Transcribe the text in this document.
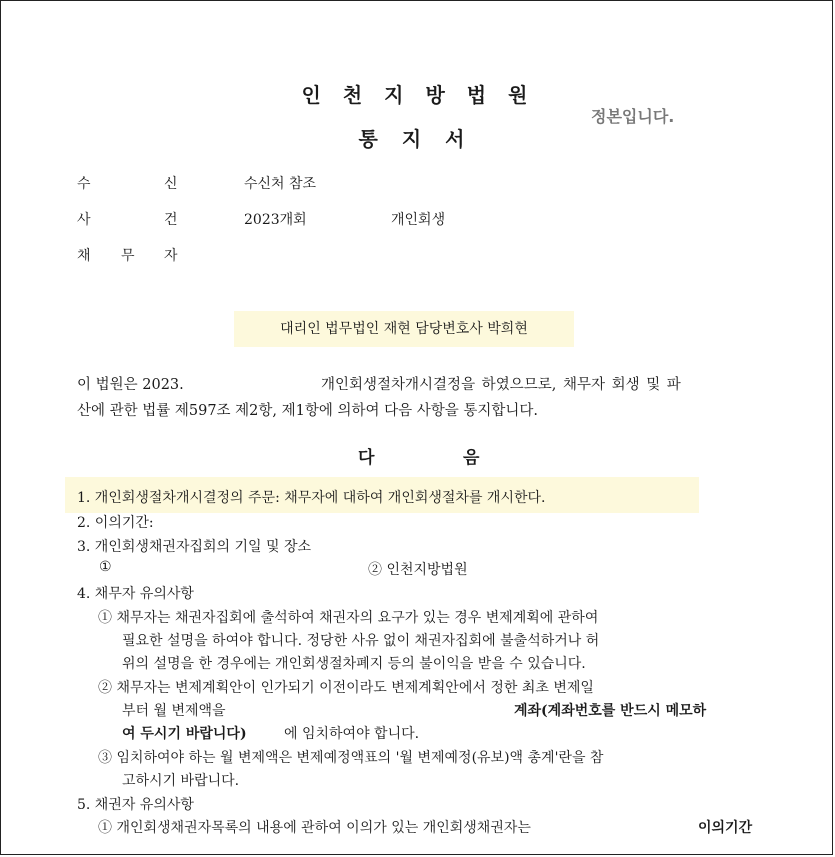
인천지방법원
통지서
정본입니다.
수	신	수신처 참조
사	건	2023개회	개인회생
채 무 자
대리인 법무법인 재현 담당변호사 박희현
이 법원은 2023.	개인회생절차개시결정을 하였으므로, 채무자 회생 및 파
산에 관한 법률 제597조 제2항, 제1항에 의하여 다음 사항을 통지합니다.
다	음
1. 개인회생절차개시결정의 주문: 채무자에 대하여 개인회생절차를 개시한다.
2. 이의기간:
3. 개인회생채권자집회의 기일 및 장소
①	② 인천지방법원
4. 채무자 유의사항
① 채무자는 채권자집회에 출석하여 채권자의 요구가 있는 경우 변제계획에 관하여
필요한 설명을 하여야 합니다. 정당한 사유 없이 채권자집회에 불출석하거나 허
위의 설명을 한 경우에는 개인회생절차폐지 등의 불이익을 받을 수 있습니다.
② 채무자는 변제계획안이 인가되기 이전이라도 변제계획안에서 정한 최초 변제일
부터 월 변제액을	계좌(계좌번호를 반드시 메모하
여 두시기 바랍니다)	에 임치하여야 합니다.
③ 임치하여야 하는 월 변제액은 변제예정액표의 '월 변제예정(유보)액 총계'란을 참
고하시기 바랍니다.
5. 채권자 유의사항
① 개인회생채권자목록의 내용에 관하여 이의가 있는 개인회생채권자는	이의기간
